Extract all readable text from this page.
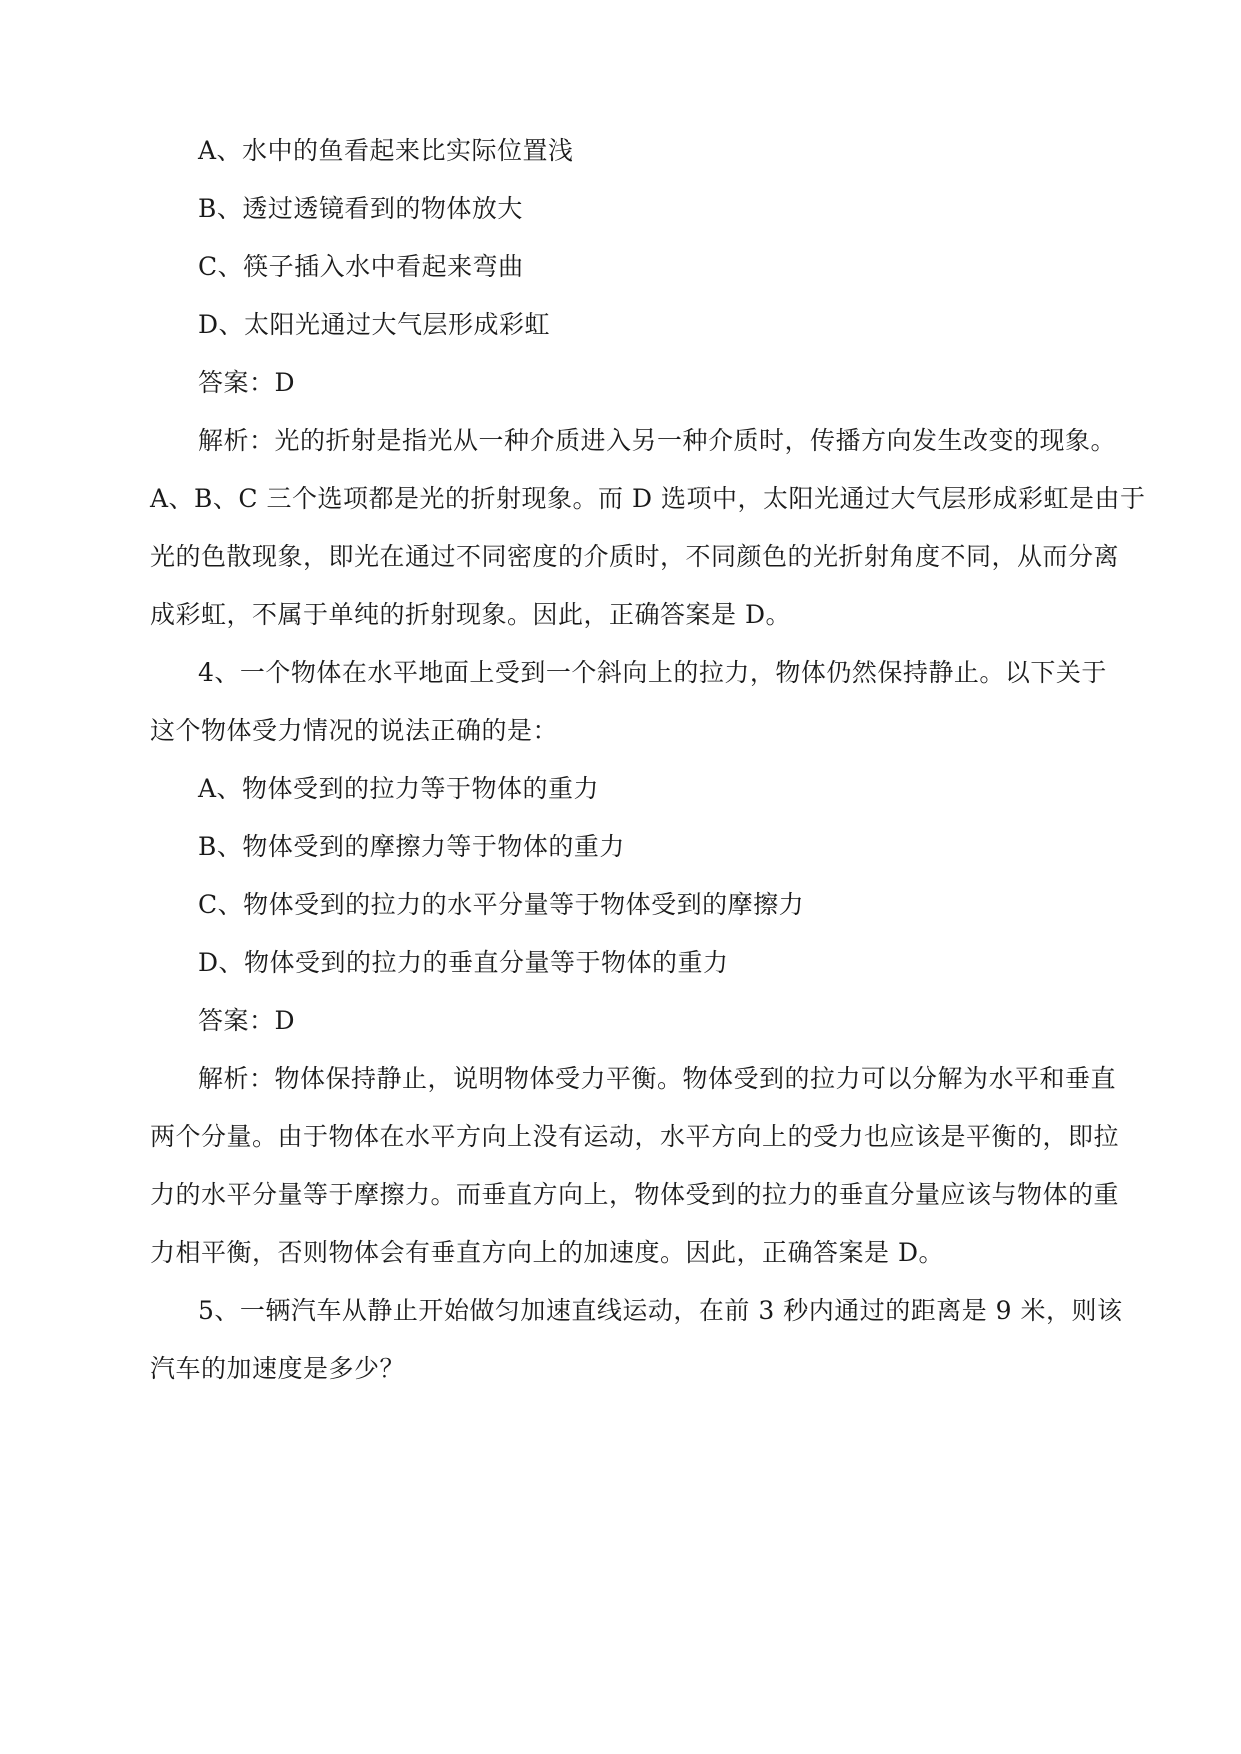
A、水中的鱼看起来比实际位置浅
B、透过透镜看到的物体放大
C、筷子插入水中看起来弯曲
D、太阳光通过大气层形成彩虹
答案：D
解析：光的折射是指光从一种介质进入另一种介质时，传播方向发生改变的现象。
A、B、C 三个选项都是光的折射现象。而 D 选项中，太阳光通过大气层形成彩虹是由于
光的色散现象，即光在通过不同密度的介质时，不同颜色的光折射角度不同，从而分离
成彩虹，不属于单纯的折射现象。因此，正确答案是 D。
4、一个物体在水平地面上受到一个斜向上的拉力，物体仍然保持静止。以下关于
这个物体受力情况的说法正确的是：
A、物体受到的拉力等于物体的重力
B、物体受到的摩擦力等于物体的重力
C、物体受到的拉力的水平分量等于物体受到的摩擦力
D、物体受到的拉力的垂直分量等于物体的重力
答案：D
解析：物体保持静止，说明物体受力平衡。物体受到的拉力可以分解为水平和垂直
两个分量。由于物体在水平方向上没有运动，水平方向上的受力也应该是平衡的，即拉
力的水平分量等于摩擦力。而垂直方向上，物体受到的拉力的垂直分量应该与物体的重
力相平衡，否则物体会有垂直方向上的加速度。因此，正确答案是 D。
5、一辆汽车从静止开始做匀加速直线运动，在前 3 秒内通过的距离是 9 米，则该
汽车的加速度是多少？
